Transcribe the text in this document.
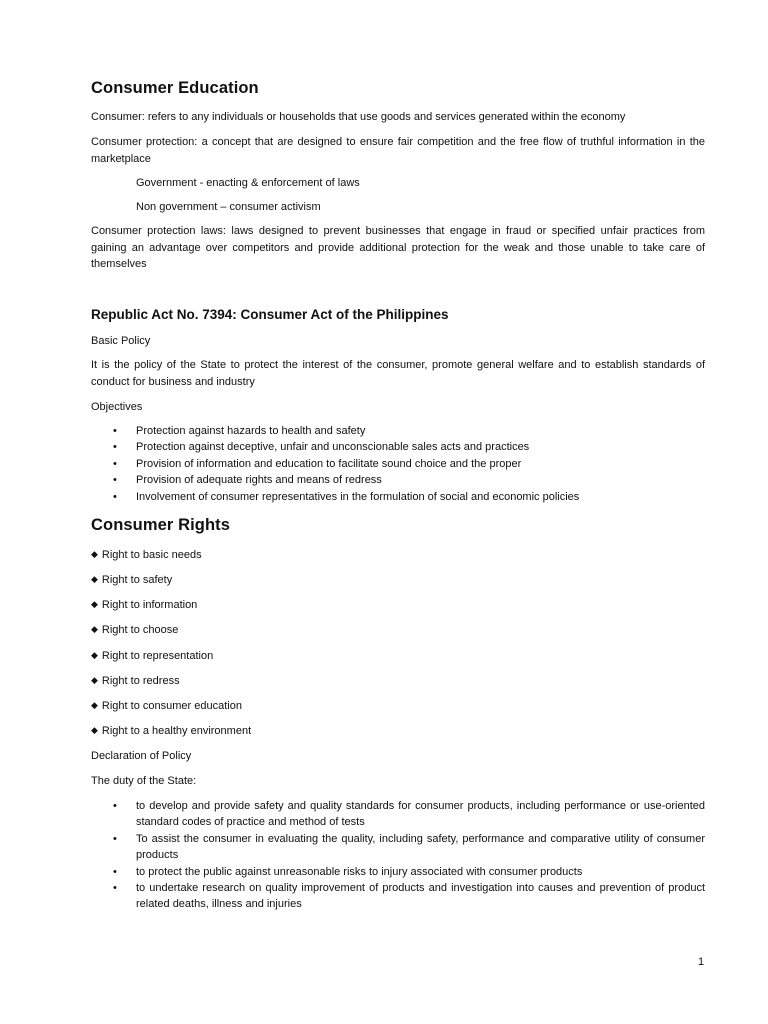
Consumer Education
Consumer: refers to any individuals or households that use goods and services generated within the economy
Consumer protection: a concept that are designed to ensure fair competition and the free flow of truthful information in the marketplace
Government - enacting & enforcement of laws
Non government – consumer activism
Consumer protection laws: laws designed to prevent businesses that engage in fraud or specified unfair practices from gaining an advantage over competitors and provide additional protection for the weak and those unable to take care of themselves
Republic Act No. 7394: Consumer Act of the Philippines
Basic Policy
It is the policy of the State to protect the interest of the consumer, promote general welfare and to establish standards of conduct for business and industry
Objectives
• Protection against hazards to health and safety
• Protection against deceptive, unfair and unconscionable sales acts and practices
• Provision of information and education to facilitate sound choice and the proper
• Provision of adequate rights and means of redress
• Involvement of consumer representatives in the formulation of social and economic policies
Consumer Rights
◆ Right to basic needs
◆ Right to safety
◆ Right to information
◆ Right to choose
◆ Right to representation
◆ Right to redress
◆ Right to consumer education
◆ Right to a healthy environment
Declaration of Policy
The duty of the State:
• to develop and provide safety and quality standards for consumer products, including performance or use-oriented standard codes of practice and method of tests
• To assist the consumer in evaluating the quality, including safety, performance and comparative utility of consumer products
• to protect the public against unreasonable risks to injury associated with consumer products
• to undertake research on quality improvement of products and investigation into causes and prevention of product related deaths, illness and injuries
1
